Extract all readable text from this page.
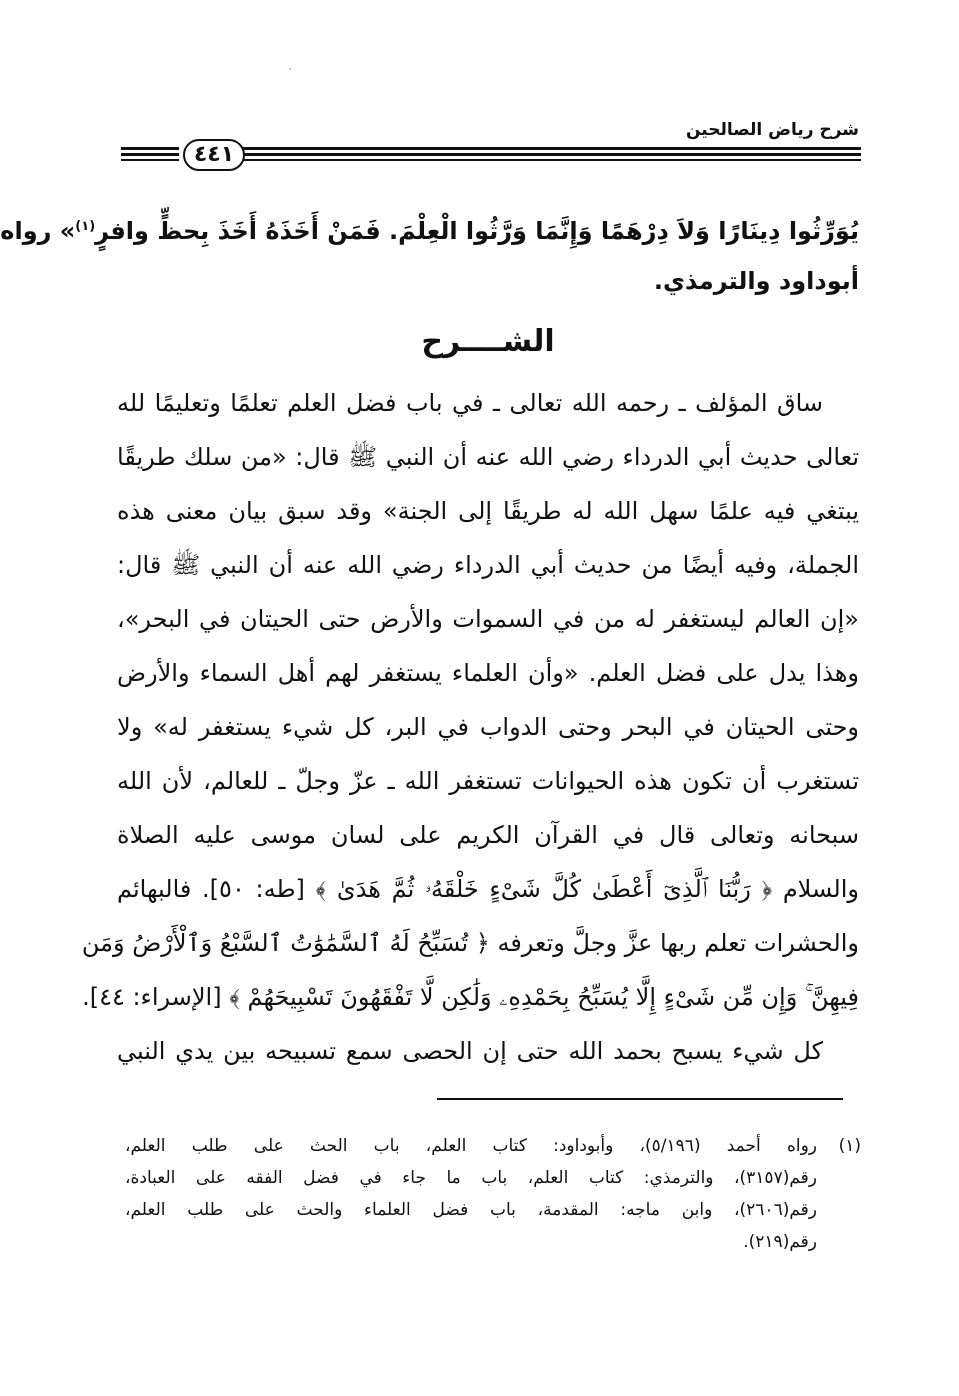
شرح رياض الصالحين
٤٤١
يُوَرِّثُوا دِينَارًا وَلاَ دِرْهَمًا وَإِنَّمَا وَرَّثُوا الْعِلْمَ. فَمَنْ أَخَذَهُ أَخَذَ بِحظٍّ وافرٍ$^{(١)}$» رواه
أبوداود والترمذي.
الشــــرح
ساق المؤلف ـ رحمه الله تعالى ـ في باب فضل العلم تعلمًا وتعليمًا لله
تعالى حديث أبي الدرداء رضي الله عنه أن النبي ﷺ قال: «من سلك طريقًا
يبتغي فيه علمًا سهل الله له طريقًا إلى الجنة» وقد سبق بيان معنى هذه
الجملة، وفيه أيضًا من حديث أبي الدرداء رضي الله عنه أن النبي ﷺ قال:
«إن العالم ليستغفر له من في السموات والأرض حتى الحيتان في البحر»،
وهذا يدل على فضل العلم. «وأن العلماء يستغفر لهم أهل السماء والأرض
وحتى الحيتان في البحر وحتى الدواب في البر، كل شيء يستغفر له» ولا
تستغرب أن تكون هذه الحيوانات تستغفر الله ـ عزّ وجلّ ـ للعالم، لأن الله
سبحانه وتعالى قال في القرآن الكريم على لسان موسى عليه الصلاة
والسلام ﴿ رَبُّنَا ٱلَّذِىٓ أَعْطَىٰ كُلَّ شَىْءٍ خَلْقَهُۥ ثُمَّ هَدَىٰ ﴾ [طه: ٥٠]. فالبهائم
والحشرات تعلم ربها عزَّ وجلَّ وتعرفه ﴿ تُسَبِّحُ لَهُ ٱلسَّمَٰوَٰتُ ٱلسَّبْعُ وَٱلْأَرْضُ وَمَن
فِيهِنَّ ۚ وَإِن مِّن شَىْءٍ إِلَّا يُسَبِّحُ بِحَمْدِهِۦ وَلَٰكِن لَّا تَفْقَهُونَ تَسْبِيحَهُمْ ﴾ [الإسراء: ٤٤].
كل شيء يسبح بحمد الله حتى إن الحصى سمع تسبيحه بين يدي النبي
(١)
رواه أحمد (٥/١٩٦)، وأبوداود: كتاب العلم، باب الحث على طلب العلم،
رقم(٣١٥٧)، والترمذي: كتاب العلم، باب ما جاء في فضل الفقه على العبادة،
رقم(٢٦٠٦)، وابن ماجه: المقدمة، باب فضل العلماء والحث على طلب العلم،
رقم(٢١٩).
